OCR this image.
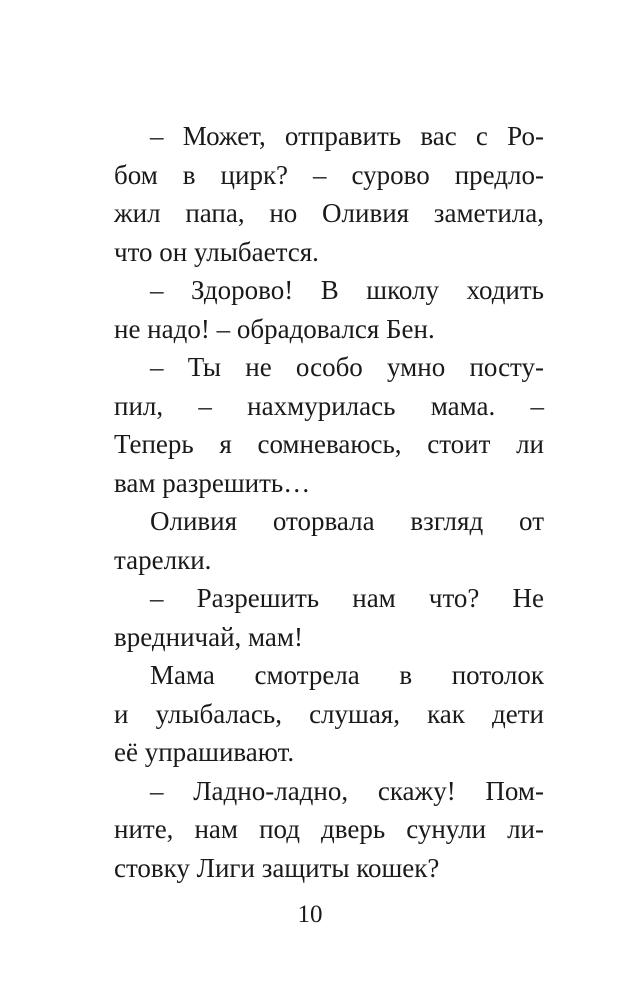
– Может, отправить вас с Ро-
бом в цирк? – сурово предло-
жил папа, но Оливия заметила,
что он улыбается.
– Здорово! В школу ходить
не надо! – обрадовался Бен.
– Ты не особо умно посту-
пил, – нахмурилась мама. –
Теперь я сомневаюсь, стоит ли
вам разрешить…
Оливия оторвала взгляд от
тарелки.
– Разрешить нам что? Не
вредничай, мам!
Мама смотрела в потолок
и улыбалась, слушая, как дети
её упрашивают.
– Ладно-ладно, скажу! Пом-
ните, нам под дверь сунули ли-
стовку Лиги защиты кошек?
10
